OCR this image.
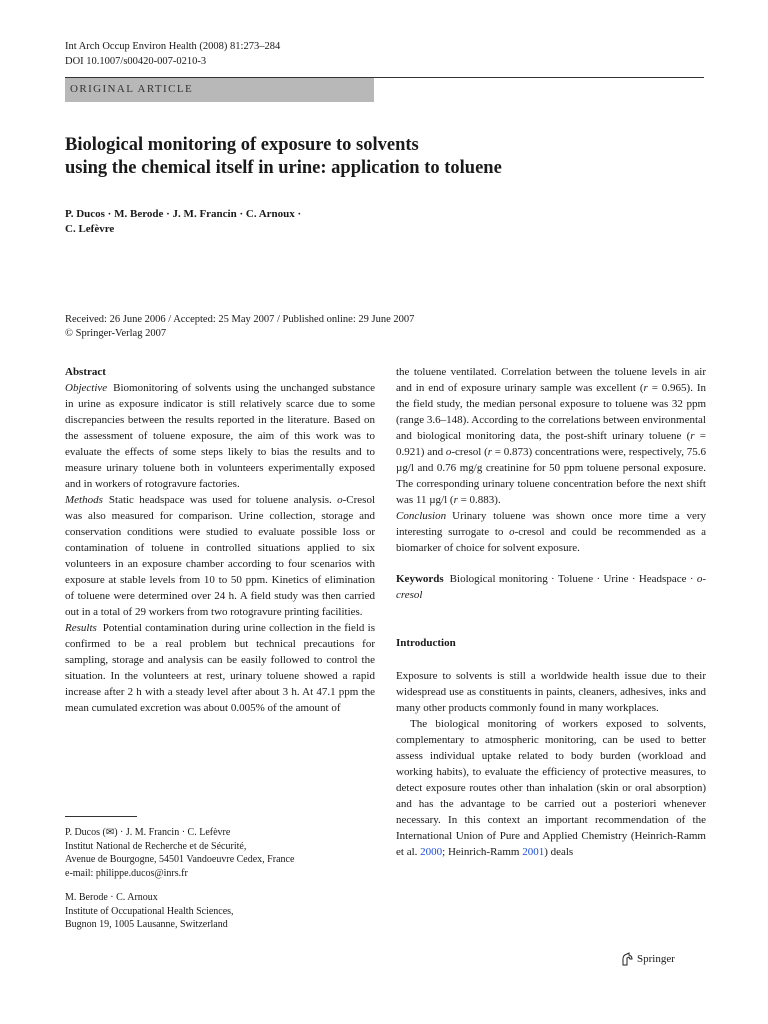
Int Arch Occup Environ Health (2008) 81:273–284
DOI 10.1007/s00420-007-0210-3
ORIGINAL ARTICLE
Biological monitoring of exposure to solvents
using the chemical itself in urine: application to toluene
P. Ducos · M. Berode · J. M. Francin · C. Arnoux ·
C. Lefèvre
Received: 26 June 2006 / Accepted: 25 May 2007 / Published online: 29 June 2007
© Springer-Verlag 2007

Abstract

Objective Biomonitoring of solvents using the unchanged substance in urine as exposure indicator is still relatively scarce due to some discrepancies between the results reported in the literature. Based on the assessment of toluene exposure, the aim of this work was to evaluate the effects of some steps likely to bias the results and to measure urinary toluene both in volunteers experimentally exposed and in workers of rotogravure factories.

Methods Static headspace was used for toluene analysis. o-Cresol was also measured for comparison. Urine collection, storage and conservation conditions were studied to evaluate possible loss or contamination of toluene in controlled situations applied to six volunteers in an exposure chamber according to four scenarios with exposure at stable levels from 10 to 50 ppm. Kinetics of elimination of toluene were determined over 24 h. A field study was then carried out in a total of 29 workers from two rotogravure printing facilities.

Results Potential contamination during urine collection in the field is confirmed to be a real problem but technical precautions for sampling, storage and analysis can be easily followed to control the situation. In the volunteers at rest, urinary toluene showed a rapid increase after 2 h with a steady level after about 3 h. At 47.1 ppm the mean cumulated excretion was about 0.005% of the amount of

P. Ducos (✉) · J. M. Francin · C. Lefèvre

Institut National de Recherche et de Sécurité,

Avenue de Bourgogne, 54501 Vandoeuvre Cedex, France

e-mail: philippe.ducos@inrs.fr

M. Berode · C. Arnoux

Institute of Occupational Health Sciences,

Bugnon 19, 1005 Lausanne, Switzerland

the toluene ventilated. Correlation between the toluene levels in air and in end of exposure urinary sample was excellent (r = 0.965). In the field study, the median personal exposure to toluene was 32 ppm (range 3.6–148). According to the correlations between environmental and biological monitoring data, the post-shift urinary toluene (r = 0.921) and o-cresol (r = 0.873) concentrations were, respectively, 75.6 µg/l and 0.76 mg/g creatinine for 50 ppm toluene personal exposure. The corresponding urinary toluene concentration before the next shift was 11 µg/l (r = 0.883).

Conclusion Urinary toluene was shown once more time a very interesting surrogate to o-cresol and could be recommended as a biomarker of choice for solvent exposure.

Keywords Biological monitoring · Toluene · Urine · Headspace · o-cresol

Introduction

Exposure to solvents is still a worldwide health issue due to their widespread use as constituents in paints, cleaners, adhesives, inks and many other products commonly found in many workplaces.

The biological monitoring of workers exposed to solvents, complementary to atmospheric monitoring, can be used to better assess individual uptake related to body burden (workload and working habits), to evaluate the efficiency of protective measures, to detect exposure routes other than inhalation (skin or oral absorption) and has the advantage to be carried out a posteriori whenever necessary. In this context an important recommendation of the International Union of Pure and Applied Chemistry (Heinrich-Ramm et al. 2000; Heinrich-Ramm 2001) deals

Springer
